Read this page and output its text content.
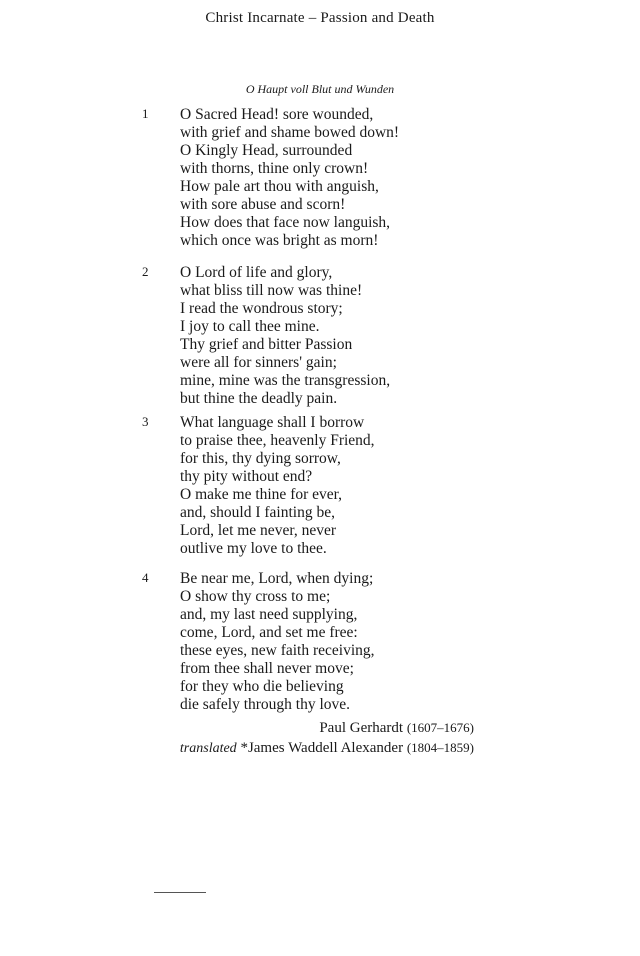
Christ Incarnate – Passion and Death
O Haupt voll Blut und Wunden
1 O Sacred Head! sore wounded,
with grief and shame bowed down!
O Kingly Head, surrounded
with thorns, thine only crown!
How pale art thou with anguish,
with sore abuse and scorn!
How does that face now languish,
which once was bright as morn!
2 O Lord of life and glory,
what bliss till now was thine!
I read the wondrous story;
I joy to call thee mine.
Thy grief and bitter Passion
were all for sinners' gain;
mine, mine was the transgression,
but thine the deadly pain.
3 What language shall I borrow
to praise thee, heavenly Friend,
for this, thy dying sorrow,
thy pity without end?
O make me thine for ever,
and, should I fainting be,
Lord, let me never, never
outlive my love to thee.
4 Be near me, Lord, when dying;
O show thy cross to me;
and, my last need supplying,
come, Lord, and set me free:
these eyes, new faith receiving,
from thee shall never move;
for they who die believing
die safely through thy love.
Paul Gerhardt (1607–1676)
translated *James Waddell Alexander (1804–1859)
